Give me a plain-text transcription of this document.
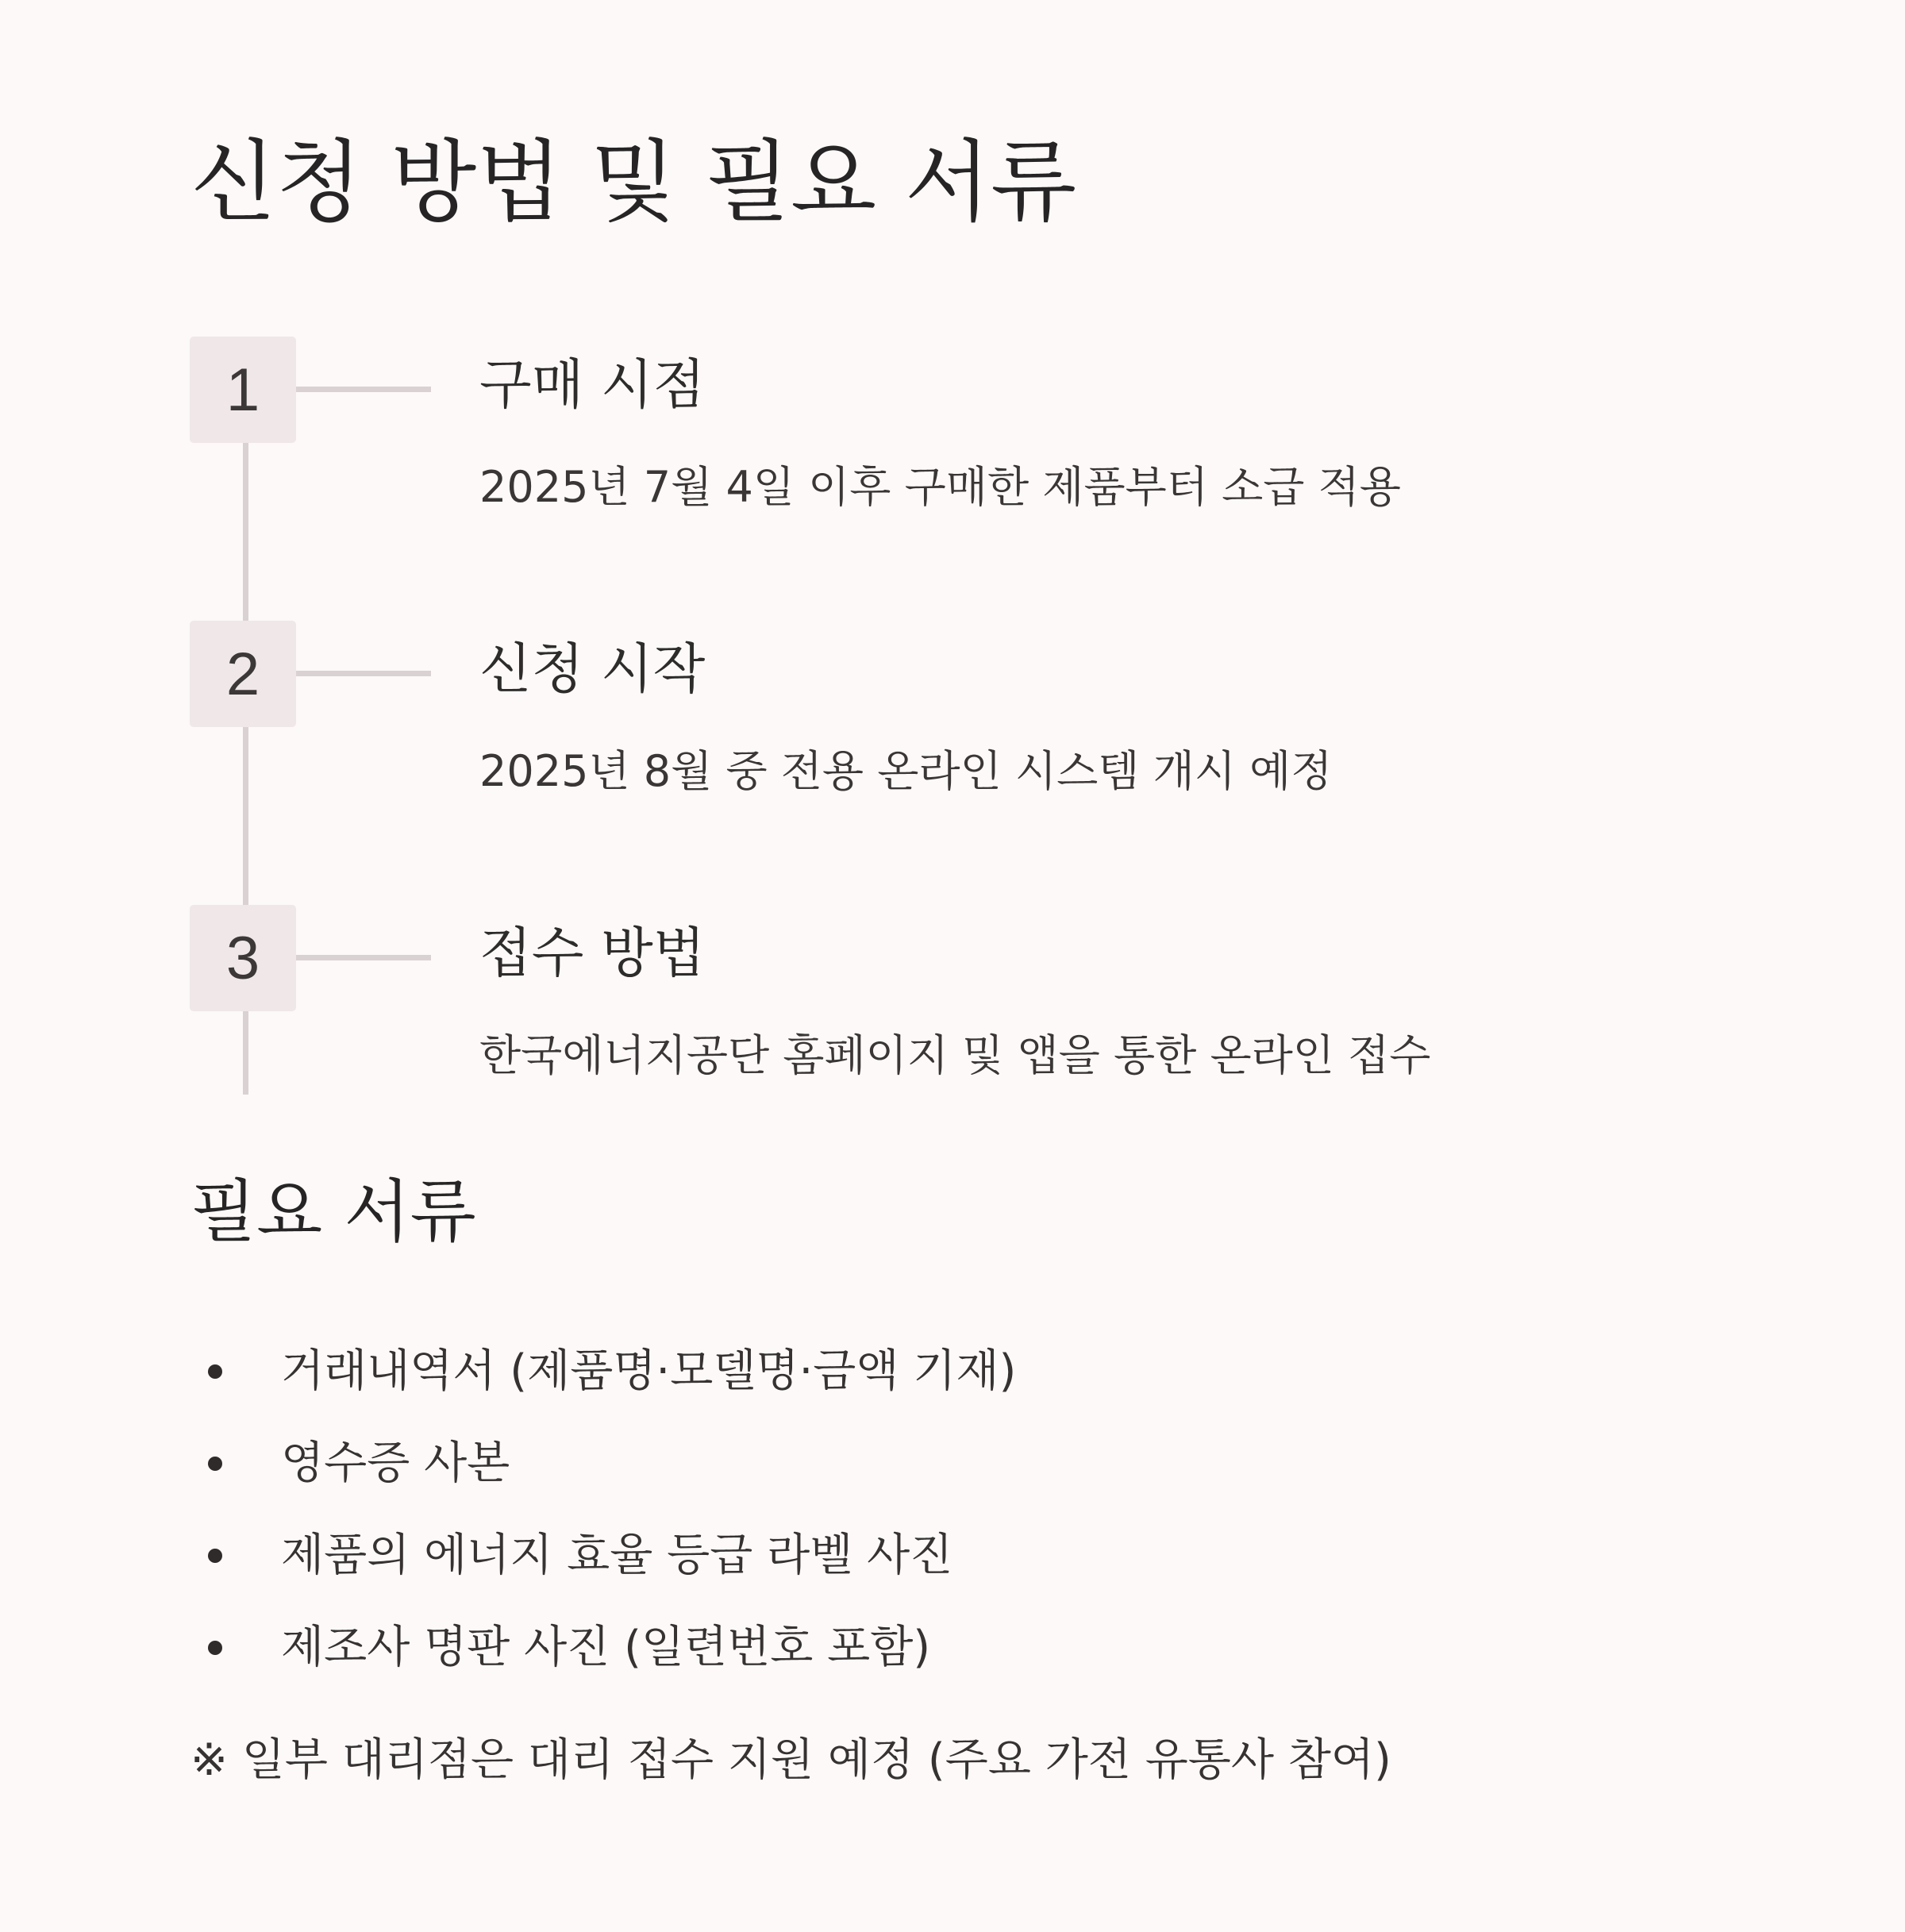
신청 방법 및 필요 서류
1	구매 시점

2025년 7월 4일 이후 구매한 제품부터 소급 적용

2	신청 시작

2025년 8월 중 전용 온라인 시스템 개시 예정

3	접수 방법

한국에너지공단 홈페이지 및 앱을 통한 온라인 접수

필요 서류
거래내역서 (제품명·모델명·금액 기재)
영수증 사본
제품의 에너지 효율 등급 라벨 사진
제조사 명판 사진 (일련번호 포함)

※ 일부 대리점은 대리 접수 지원 예정 (주요 가전 유통사 참여)
